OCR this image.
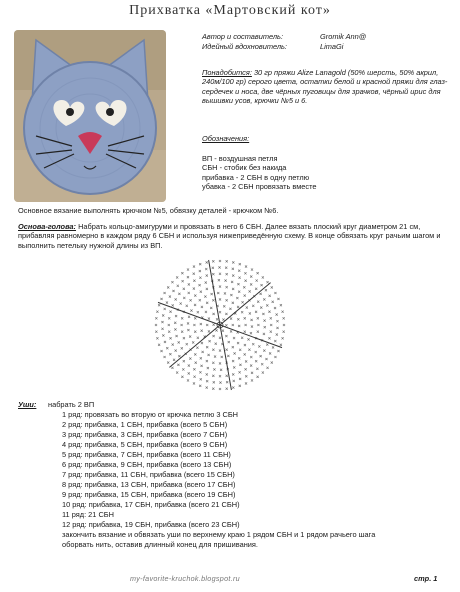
Прихватка «Мартовский кот»
Автор и составитель:	Gromik Ann@
Идейный вдохновитель:	LimaGi
Понадобится: 30 гр пряжи Alize Lanagold (50% шерсть, 50% акрил, 240м/100 гр) серого цвета, остатки белой и красной пряжи для глаз-сердечек и носа, две чёрных пуговицы для зрачков, чёрный ирис для вышивки усов, крючки №5 и 6.
Обозначения:
ВП - воздушная петля
СБН - стобик без накида
прибавка - 2 СБН в одну петлю
убавка - 2 СБН провязать вместе
Основное вязание выполнять крючком №5, обвязку деталей - крючком №6.
Основа-голова: Набрать кольцо-амигуруми и провязать в него 6 СБН. Далее вязать плоский круг диаметром 21 см, прибавляя равномерно в каждом ряду 6 СБН и используя нижеприведённую схему. В конце обвязать круг рачьим шагом и выполнить петельку нужной длины из ВП.
Уши: набрать 2 ВП
1 ряд: провязать во вторую от крючка петлю 3 СБН
2 ряд: прибавка, 1 СБН, прибавка (всего 5 СБН)
3 ряд: прибавка, 3 СБН, прибавка (всего 7 СБН)
4 ряд: прибавка, 5 СБН, прибавка (всего 9 СБН)
5 ряд: прибавка, 7 СБН, прибавка (всего 11 СБН)
6 ряд: прибавка, 9 СБН, прибавка (всего 13 СБН)
7 ряд: прибавка, 11 СБН, прибавка (всего 15 СБН)
8 ряд: прибавка, 13 СБН, прибавка (всего 17 СБН)
9 ряд: прибавка, 15 СБН, прибавка (всего 19 СБН)
10 ряд: прибавка, 17 СБН, прибавка (всего 21 СБН)
11 ряд: 21 СБН
12 ряд: прибавка, 19 СБН, прибавка (всего 23 СБН)
закончить вязание и обвязать уши по верхнему краю 1 рядом СБН и 1 рядом рачьего шага
оборвать нить, оставив длинный конец для пришивания.
my-favorite-kruchok.blogspot.ru	стр. 1
